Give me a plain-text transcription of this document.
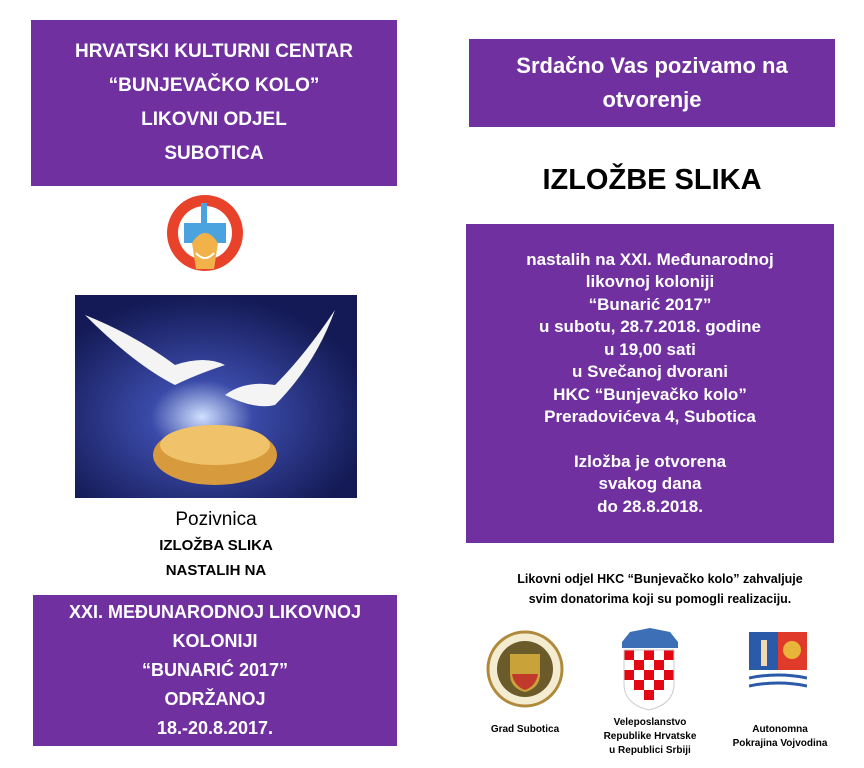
HRVATSKI KULTURNI CENTAR
“BUNJEVAČKO KOLO”
LIKOVNI ODJEL
SUBOTICA
Pozivnica
IZLOŽBA SLIKA
NASTALIH NA
XXI. MEĐUNARODNOJ LIKOVNOJ
KOLONIJI
“BUNARIĆ 2017”
ODRŽANOJ
18.-20.8.2017.
Srdačno Vas pozivamo na
otvorenje
IZLOŽBE SLIKA
nastalih na XXI. Međunarodnoj
likovnoj koloniji
“Bunarić 2017”
u subotu, 28.7.2018. godine
u 19,00 sati
u Svečanoj dvorani
HKC “Bunjevačko kolo”
Preradovićeva 4, Subotica
Izložba je otvorena
svakog dana
do 28.8.2018.
Likovni odjel HKC “Bunjevačko kolo” zahvaljuje
svim donatorima koji su pomogli realizaciju.
Grad Subotica
Veleposlanstvo
Republike Hrvatske
u Republici Srbiji
Autonomna
Pokrajina Vojvodina
